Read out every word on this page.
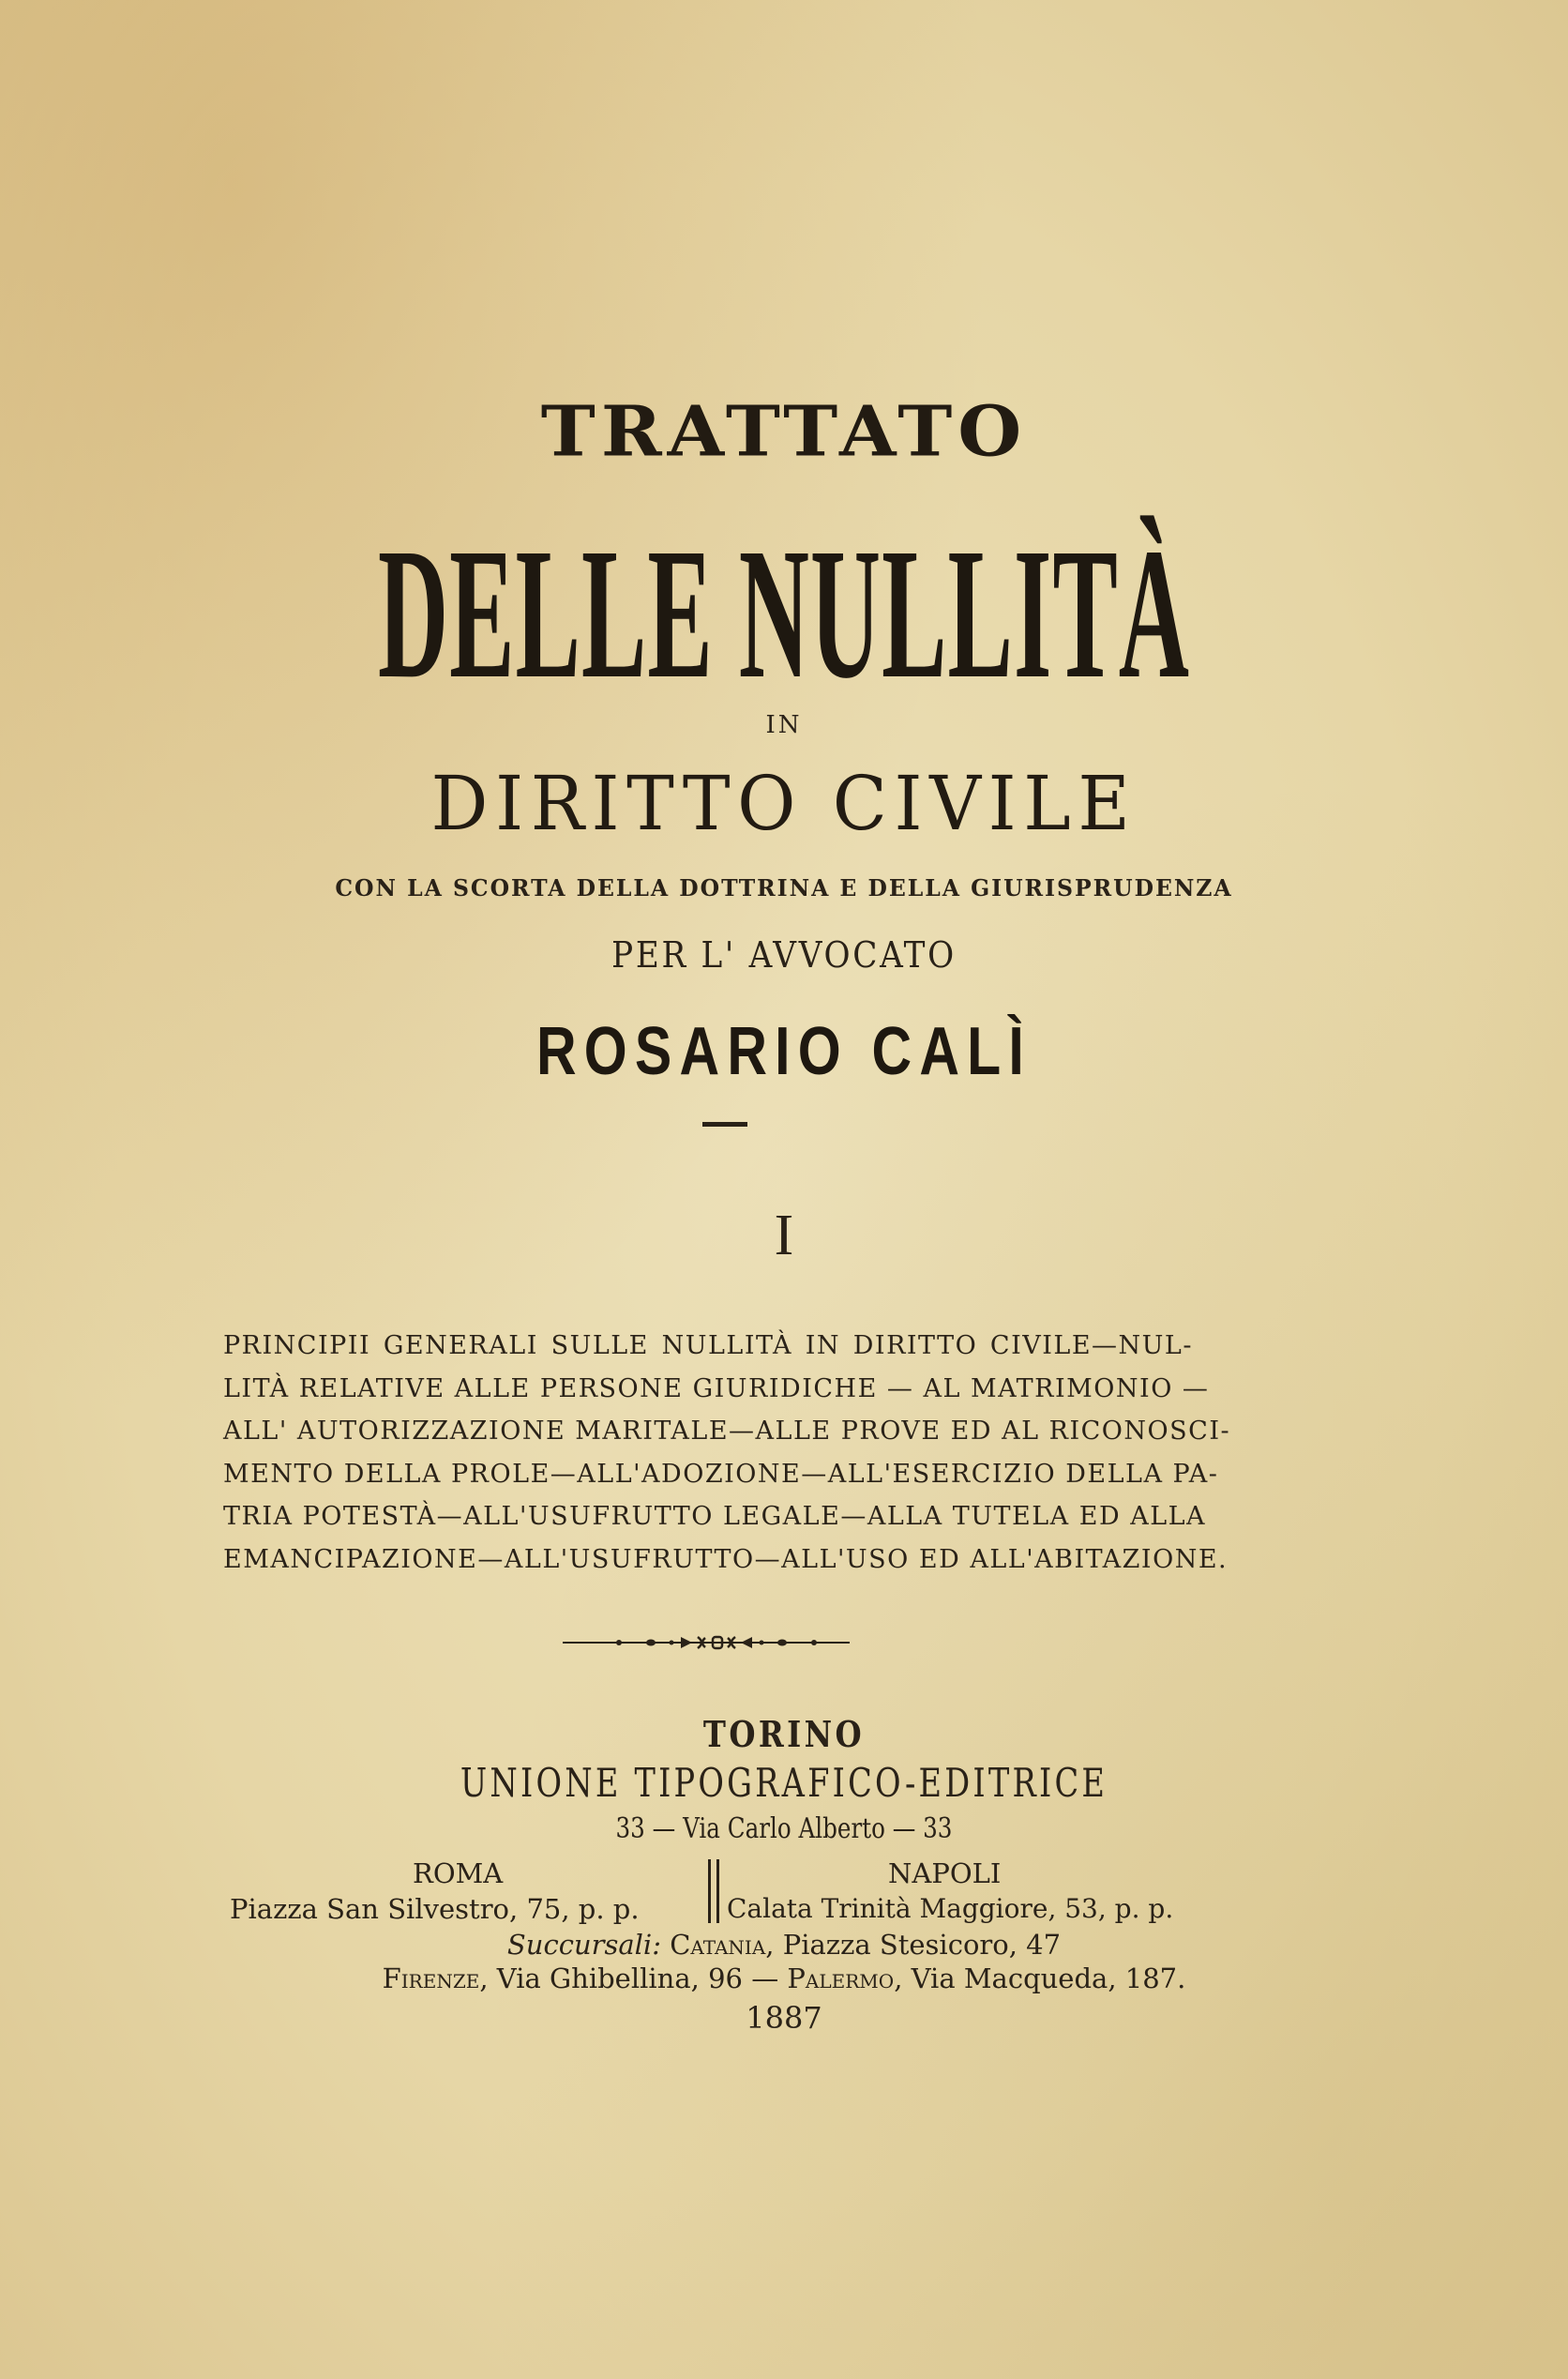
TRATTATO
DELLE NULLITÀ
IN
DIRITTO CIVILE
CON LA SCORTA DELLA DOTTRINA E DELLA GIURISPRUDENZA
PER L' AVVOCATO
ROSARIO CALÌ
I
PRINCIPII GENERALI SULLE NULLITÀ IN DIRITTO CIVILE—NUL-
LITÀ RELATIVE ALLE PERSONE GIURIDICHE — AL MATRIMONIO —
ALL' AUTORIZZAZIONE MARITALE—ALLE PROVE ED AL RICONOSCI-
MENTO DELLA PROLE—ALL'ADOZIONE—ALL'ESERCIZIO DELLA PA-
TRIA POTESTÀ—ALL'USUFRUTTO LEGALE—ALLA TUTELA ED ALLA
EMANCIPAZIONE—ALL'USUFRUTTO—ALL'USO ED ALL'ABITAZIONE.
TORINO
UNIONE TIPOGRAFICO-EDITRICE
33 — Via Carlo Alberto — 33
ROMA
Piazza San Silvestro, 75, p. p.
NAPOLI
Calata Trinità Maggiore, 53, p. p.
Succursali: Catania, Piazza Stesicoro, 47
Firenze, Via Ghibellina, 96 — Palermo, Via Macqueda, 187.
1887
